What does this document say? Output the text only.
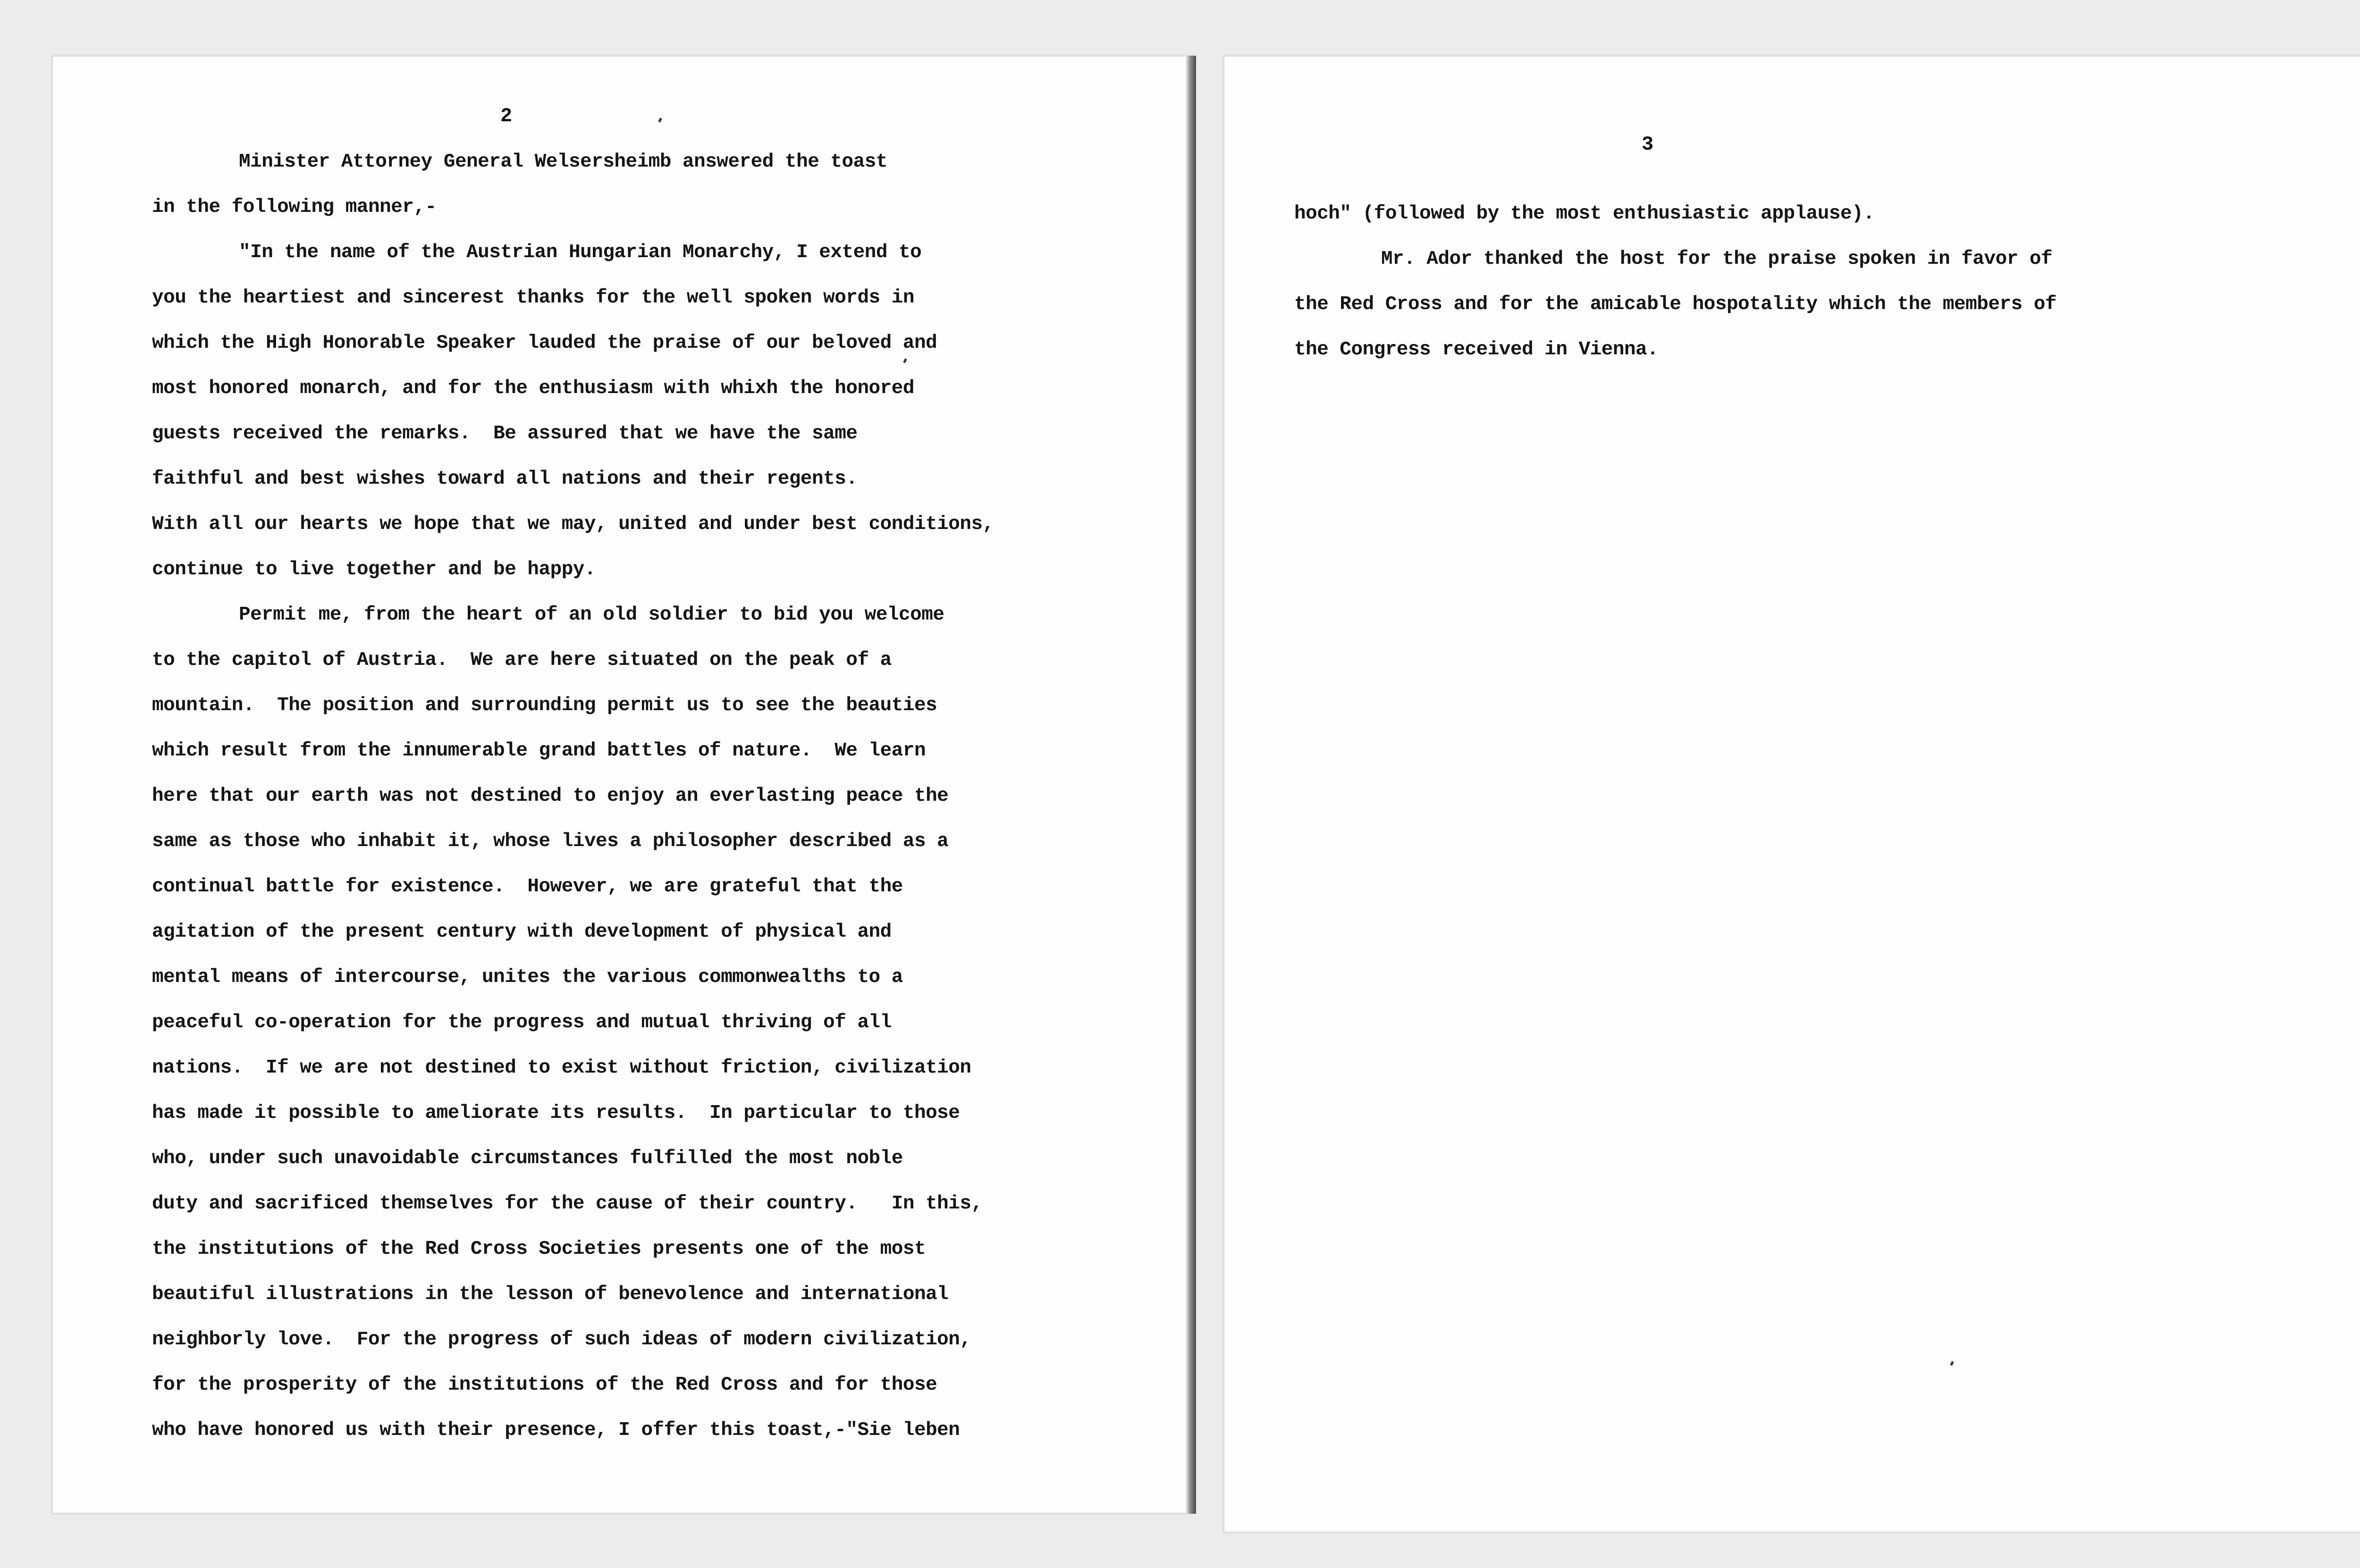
2
Minister Attorney General Welsersheimb answered the toast
in the following manner,-
"In the name of the Austrian Hungarian Monarchy, I extend to
you the heartiest and sincerest thanks for the well spoken words in
which the High Honorable Speaker lauded the praise of our beloved and
most honored monarch, and for the enthusiasm with whixh the honored
guests received the remarks.  Be assured that we have the same
faithful and best wishes toward all nations and their regents.
With all our hearts we hope that we may, united and under best conditions,
continue to live together and be happy.
Permit me, from the heart of an old soldier to bid you welcome
to the capitol of Austria.  We are here situated on the peak of a
mountain.  The position and surrounding permit us to see the beauties
which result from the innumerable grand battles of nature.  We learn
here that our earth was not destined to enjoy an everlasting peace the
same as those who inhabit it, whose lives a philosopher described as a
continual battle for existence.  However, we are grateful that the
agitation of the present century with development of physical and
mental means of intercourse, unites the various commonwealths to a
peaceful co-operation for the progress and mutual thriving of all
nations.  If we are not destined to exist without friction, civilization
has made it possible to ameliorate its results.  In particular to those
who, under such unavoidable circumstances fulfilled the most noble
duty and sacrificed themselves for the cause of their country.   In this,
the institutions of the Red Cross Societies presents one of the most
beautiful illustrations in the lesson of benevolence and international
neighborly love.  For the progress of such ideas of modern civilization,
for the prosperity of the institutions of the Red Cross and for those
who have honored us with their presence, I offer this toast,-"Sie leben
3
hoch" (followed by the most enthusiastic applause).
Mr. Ador thanked the host for the praise spoken in favor of
the Red Cross and for the amicable hospotality which the members of
the Congress received in Vienna.
